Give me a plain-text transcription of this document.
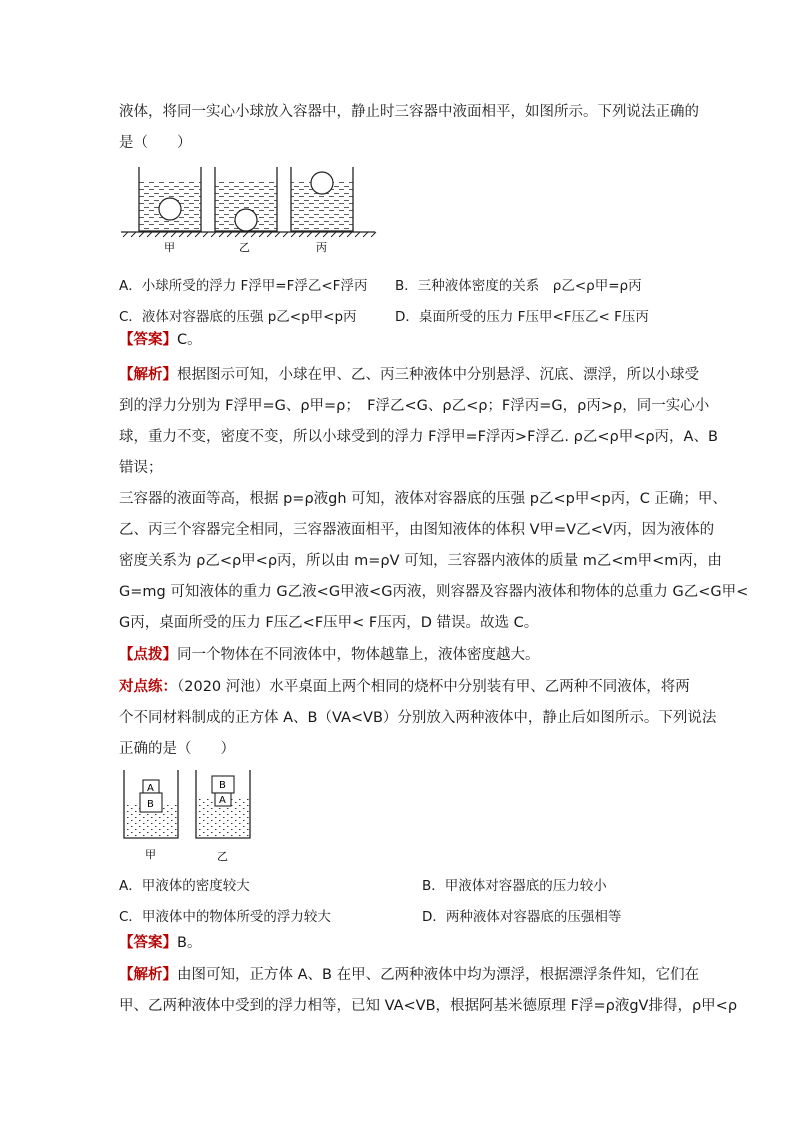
液体，将同一实心小球放入容器中，静止时三容器中液面相平，如图所示。下列说法正确的
是（　　）
甲	乙	丙
A．小球所受的浮力 F浮甲=F浮乙<F浮丙 B．三种液体密度的关系　ρ乙<ρ甲=ρ丙
C．液体对容器底的压强 p乙<p甲<p丙	D．桌面所受的压力 F压甲<F压乙< F压丙
【答案】C。
【解析】根据图示可知，小球在甲、乙、丙三种液体中分别悬浮、沉底、漂浮，所以小球受
到的浮力分别为 F浮甲=G、ρ甲=ρ；　F浮乙<G、ρ乙<ρ；F浮丙=G，ρ丙>ρ，同一实心小
球，重力不变，密度不变，所以小球受到的浮力 F浮甲=F浮丙>F浮乙. ρ乙<ρ甲<ρ丙，A、B
错误；
三容器的液面等高，根据 p=ρ液gh 可知，液体对容器底的压强 p乙<p甲<p丙，C 正确；甲、
乙、丙三个容器完全相同，三容器液面相平，由图知液体的体积 V甲=V乙<V丙，因为液体的
密度关系为 ρ乙<ρ甲<ρ丙，所以由 m=ρV 可知，三容器内液体的质量 m乙<m甲<m丙，由
G=mg 可知液体的重力 G乙液<G甲液<G丙液，则容器及容器内液体和物体的总重力 G乙<G甲<
G丙，桌面所受的压力 F压乙<F压甲< F压丙，D 错误。故选 C。
【点拨】同一个物体在不同液体中，物体越靠上，液体密度越大。
对点练：（2020 河池）水平桌面上两个相同的烧杯中分别装有甲、乙两种不同液体，将两
个不同材料制成的正方体 A、B（VA<VB）分别放入两种液体中，静止后如图所示。下列说法
正确的是（　　）
A
B
B
A
甲	乙
A．甲液体的密度较大	B．甲液体对容器底的压力较小
C．甲液体中的物体所受的浮力较大	D．两种液体对容器底的压强相等
【答案】B。
【解析】由图可知，正方体 A、B 在甲、乙两种液体中均为漂浮，根据漂浮条件知，它们在
甲、乙两种液体中受到的浮力相等，已知 VA<VB，根据阿基米德原理 F浮=ρ液gV排得，ρ甲<ρ
